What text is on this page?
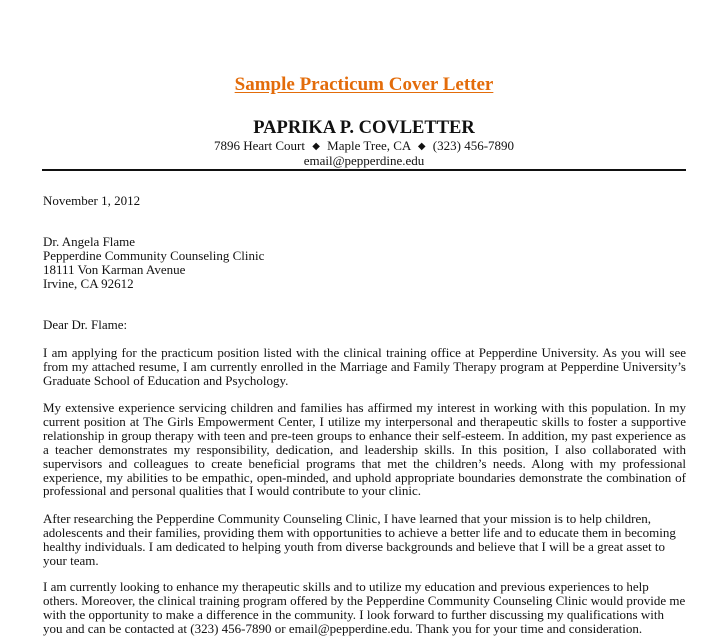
Sample Practicum Cover Letter
PAPRIKA P. COVLETTER
7896 Heart Court ◆ Maple Tree, CA ◆ (323) 456-7890
email@pepperdine.edu
November 1, 2012
Dr. Angela Flame
Pepperdine Community Counseling Clinic
18111 Von Karman Avenue
Irvine, CA 92612
Dear Dr. Flame:

I am applying for the practicum position listed with the clinical training office at Pepperdine University. As you will see from my attached resume, I am currently enrolled in the Marriage and Family Therapy program at Pepperdine University’s Graduate School of Education and Psychology.

My extensive experience servicing children and families has affirmed my interest in working with this population. In my current position at The Girls Empowerment Center, I utilize my interpersonal and therapeutic skills to foster a supportive relationship in group therapy with teen and pre-teen groups to enhance their self-esteem. In addition, my past experience as a teacher demonstrates my responsibility, dedication, and leadership skills. In this position, I also collaborated with supervisors and colleagues to create beneficial programs that met the children’s needs. Along with my professional experience, my abilities to be empathic, open-minded, and uphold appropriate boundaries demonstrate the combination of professional and personal qualities that I would contribute to your clinic.

After researching the Pepperdine Community Counseling Clinic, I have learned that your mission is to help children, adolescents and their families, providing them with opportunities to achieve a better life and to educate them in becoming healthy individuals. I am dedicated to helping youth from diverse backgrounds and believe that I will be a great asset to your team.

I am currently looking to enhance my therapeutic skills and to utilize my education and previous experiences to help others. Moreover, the clinical training program offered by the Pepperdine Community Counseling Clinic would provide me with the opportunity to make a difference in the community. I look forward to further discussing my qualifications with you and can be contacted at (323) 456-7890 or email@pepperdine.edu. Thank you for your time and consideration.
